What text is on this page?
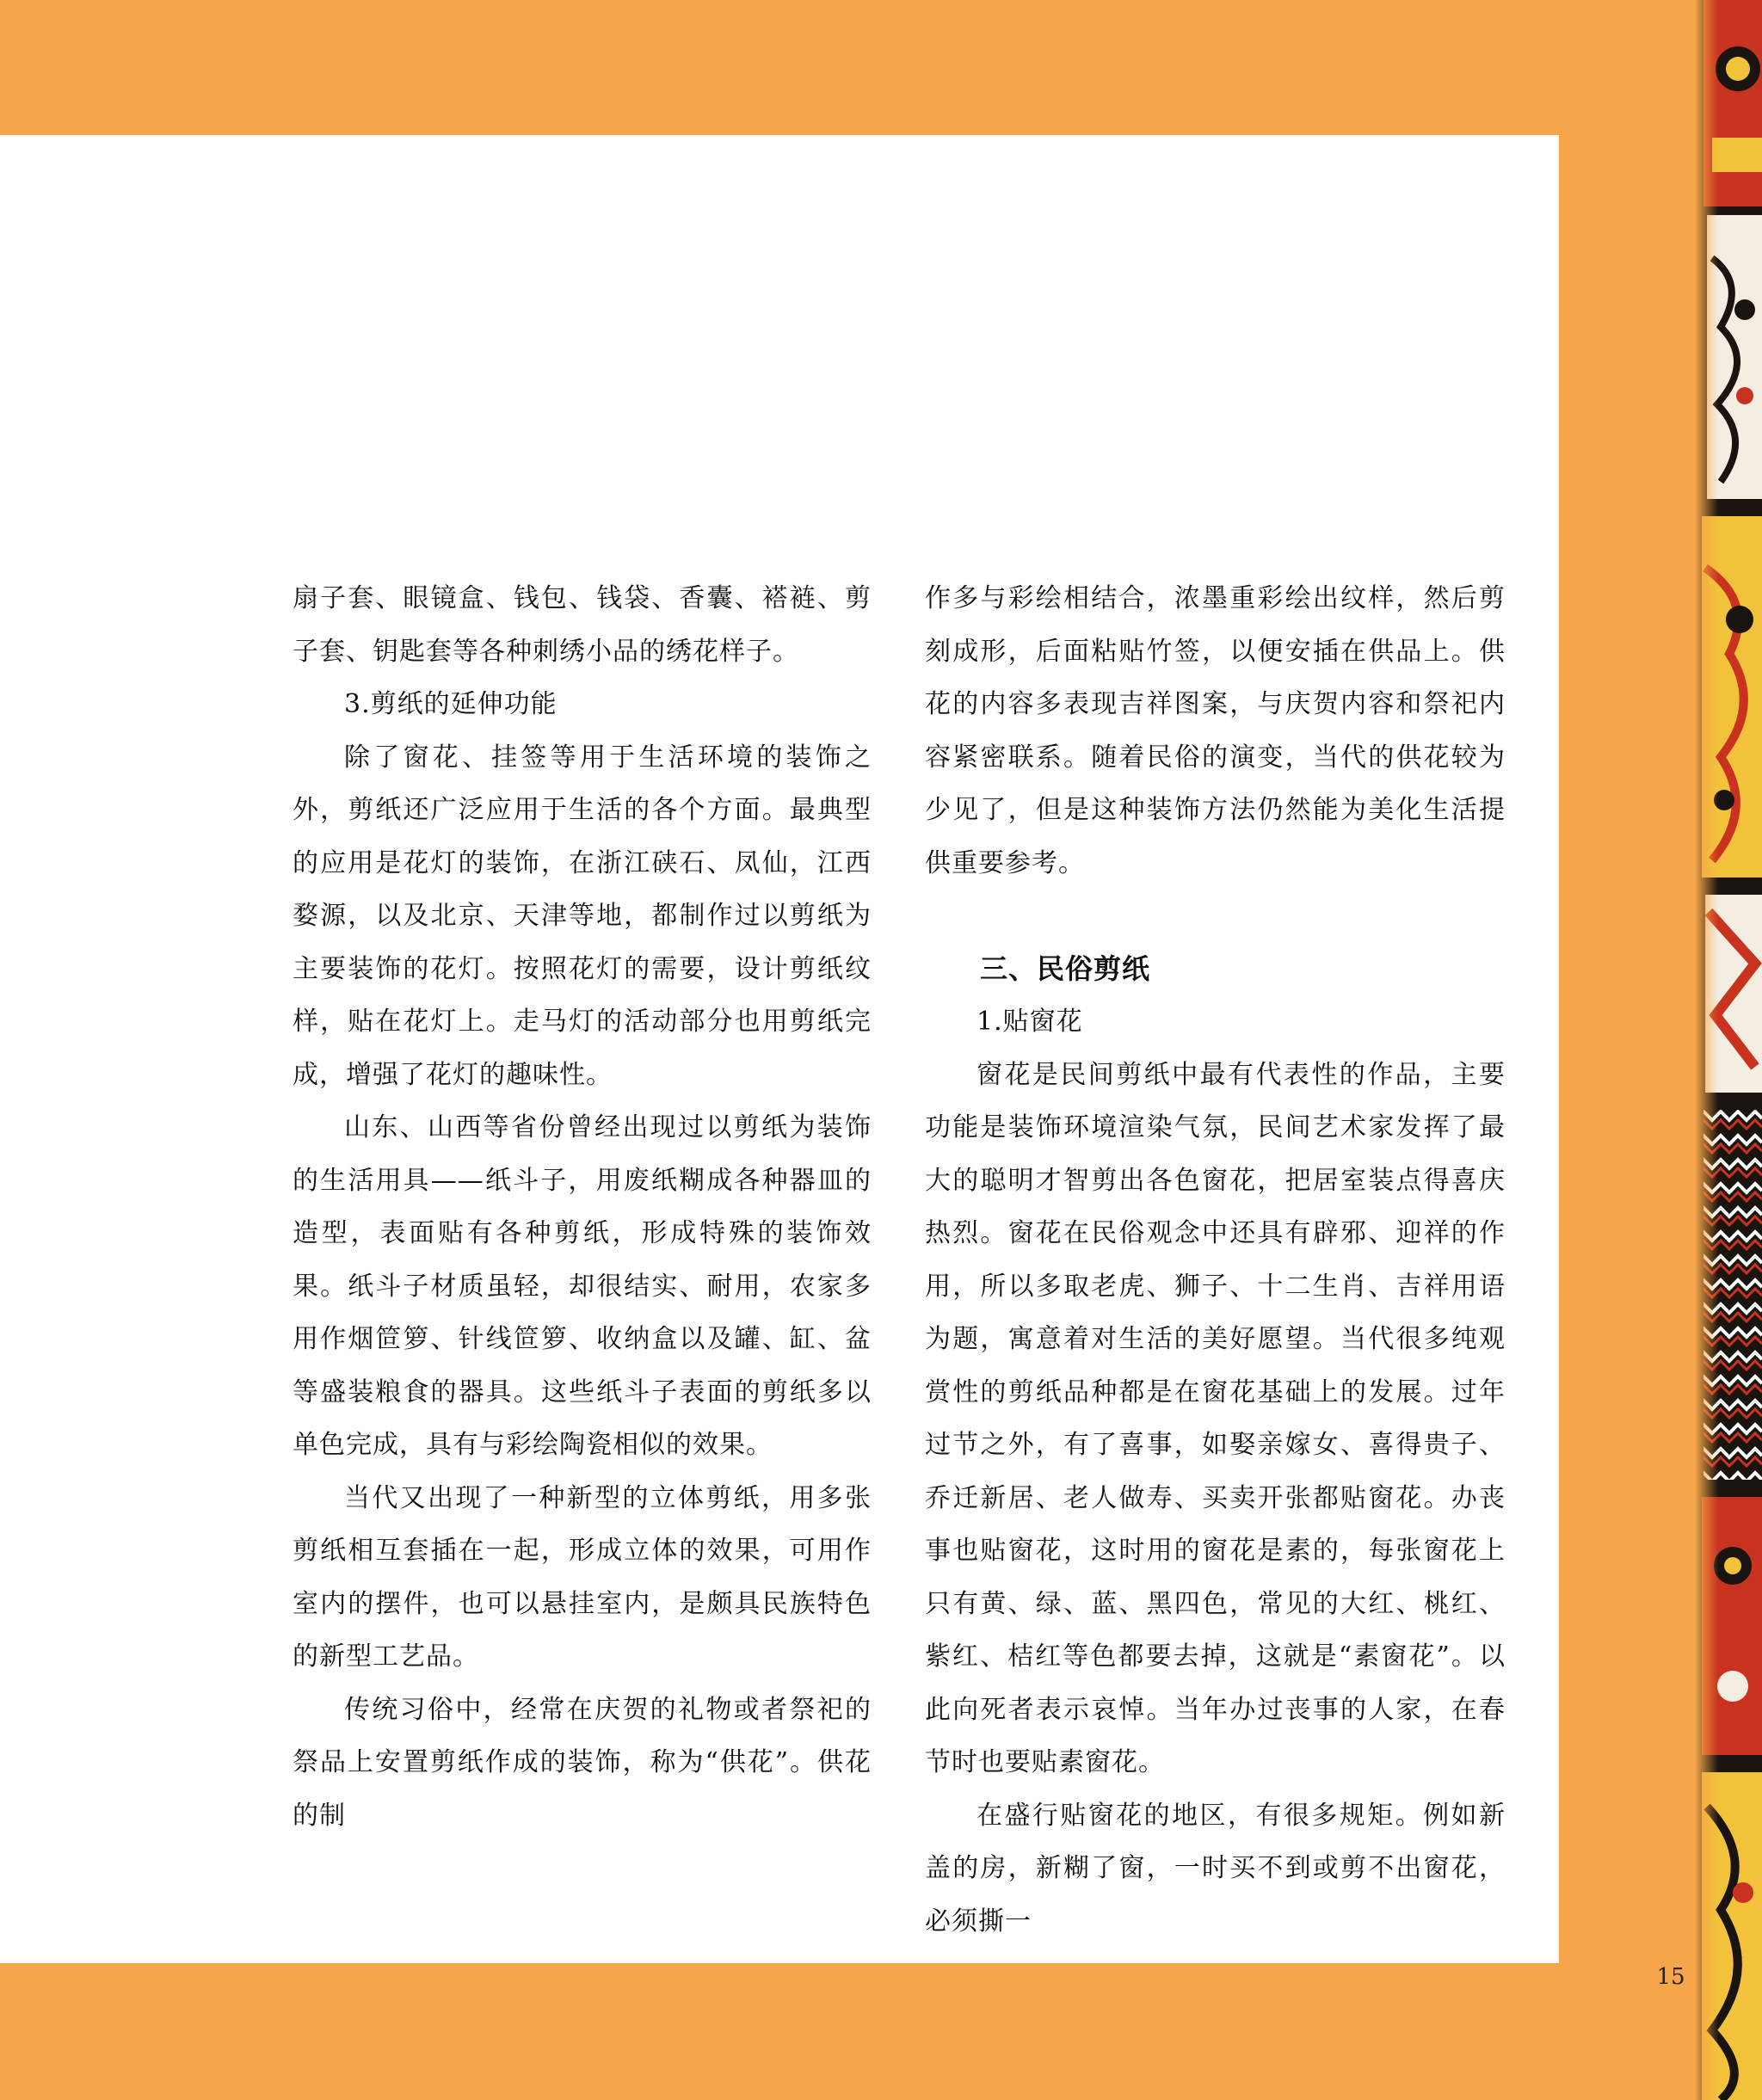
扇子套、眼镜盒、钱包、钱袋、香囊、褡裢、剪子套、钥匙套等各种刺绣小品的绣花样子。

3.剪纸的延伸功能

除了窗花、挂签等用于生活环境的装饰之外，剪纸还广泛应用于生活的各个方面。最典型的应用是花灯的装饰，在浙江硖石、凤仙，江西婺源，以及北京、天津等地，都制作过以剪纸为主要装饰的花灯。按照花灯的需要，设计剪纸纹样，贴在花灯上。走马灯的活动部分也用剪纸完成，增强了花灯的趣味性。

山东、山西等省份曾经出现过以剪纸为装饰的生活用具——纸斗子，用废纸糊成各种器皿的造型，表面贴有各种剪纸，形成特殊的装饰效果。纸斗子材质虽轻，却很结实、耐用，农家多用作烟笸箩、针线笸箩、收纳盒以及罐、缸、盆等盛装粮食的器具。这些纸斗子表面的剪纸多以单色完成，具有与彩绘陶瓷相似的效果。

当代又出现了一种新型的立体剪纸，用多张剪纸相互套插在一起，形成立体的效果，可用作室内的摆件，也可以悬挂室内，是颇具民族特色的新型工艺品。

传统习俗中，经常在庆贺的礼物或者祭祀的祭品上安置剪纸作成的装饰，称为“供花”。供花的制

作多与彩绘相结合，浓墨重彩绘出纹样，然后剪刻成形，后面粘贴竹签，以便安插在供品上。供花的内容多表现吉祥图案，与庆贺内容和祭祀内容紧密联系。随着民俗的演变，当代的供花较为少见了，但是这种装饰方法仍然能为美化生活提供重要参考。

三、民俗剪纸

1.贴窗花

窗花是民间剪纸中最有代表性的作品，主要功能是装饰环境渲染气氛，民间艺术家发挥了最大的聪明才智剪出各色窗花，把居室装点得喜庆热烈。窗花在民俗观念中还具有辟邪、迎祥的作用，所以多取老虎、狮子、十二生肖、吉祥用语为题，寓意着对生活的美好愿望。当代很多纯观赏性的剪纸品种都是在窗花基础上的发展。过年过节之外，有了喜事，如娶亲嫁女、喜得贵子、乔迁新居、老人做寿、买卖开张都贴窗花。办丧事也贴窗花，这时用的窗花是素的，每张窗花上只有黄、绿、蓝、黑四色，常见的大红、桃红、紫红、桔红等色都要去掉，这就是“素窗花”。以此向死者表示哀悼。当年办过丧事的人家，在春节时也要贴素窗花。

在盛行贴窗花的地区，有很多规矩。例如新盖的房，新糊了窗，一时买不到或剪不出窗花，必须撕一

15
